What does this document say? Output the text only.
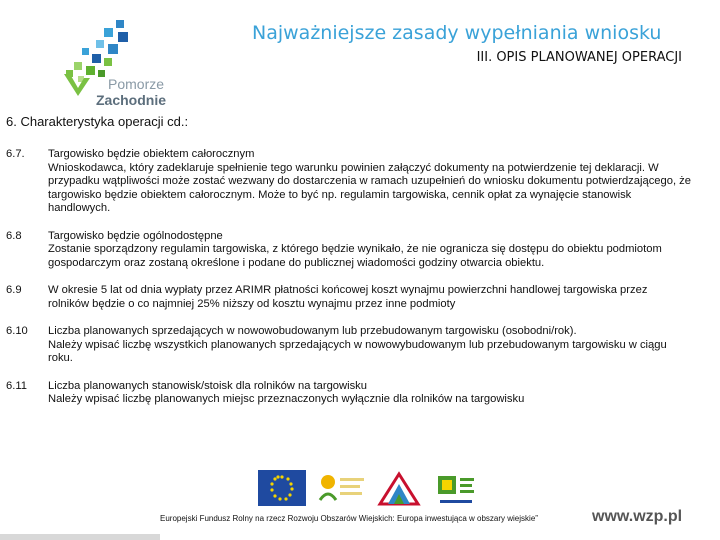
Pomorze
Zachodnie
Najważniejsze zasady wypełniania wniosku
III. OPIS PLANOWANEJ OPERACJI
6. Charakterystyka operacji cd.:
6.7. Targowisko będzie obiektem całorocznym
Wnioskodawca, który zadeklaruje spełnienie tego warunku powinien załączyć dokumenty na potwierdzenie tej deklaracji. W przypadku wątpliwości może zostać wezwany do dostarczenia w ramach uzupełnień do wniosku dokumentu potwierdzającego, że targowisko będzie obiektem całorocznym. Może to być np. regulamin targowiska, cennik opłat za wynajęcie stanowisk handlowych.
6.8 Targowisko będzie ogólnodostępne
Zostanie sporządzony regulamin targowiska, z którego będzie wynikało, że nie ogranicza się dostępu do obiektu podmiotom gospodarczym oraz zostaną określone i podane do publicznej wiadomości godziny otwarcia obiektu.
6.9 W okresie 5 lat od dnia wypłaty przez ARIMR płatności końcowej koszt wynajmu powierzchni handlowej targowiska przez
rolników będzie o co najmniej 25% niższy od kosztu wynajmu przez inne podmioty
6.10 Liczba planowanych sprzedających w nowowobudowanym lub przebudowanym targowisku (osobodni/rok).
Należy wpisać liczbę wszystkich planowanych sprzedających w nowowybudowanym lub przebudowanym targowisku w ciągu roku.
6.11 Liczba planowanych stanowisk/stoisk dla rolników na targowisku
Należy wpisać liczbę planowanych miejsc przeznaczonych wyłącznie dla rolników na targowisku
Europejski Fundusz Rolny na rzecz Rozwoju Obszarów Wiejskich: Europa inwestująca w obszary wiejskie”	www.wzp.pl
